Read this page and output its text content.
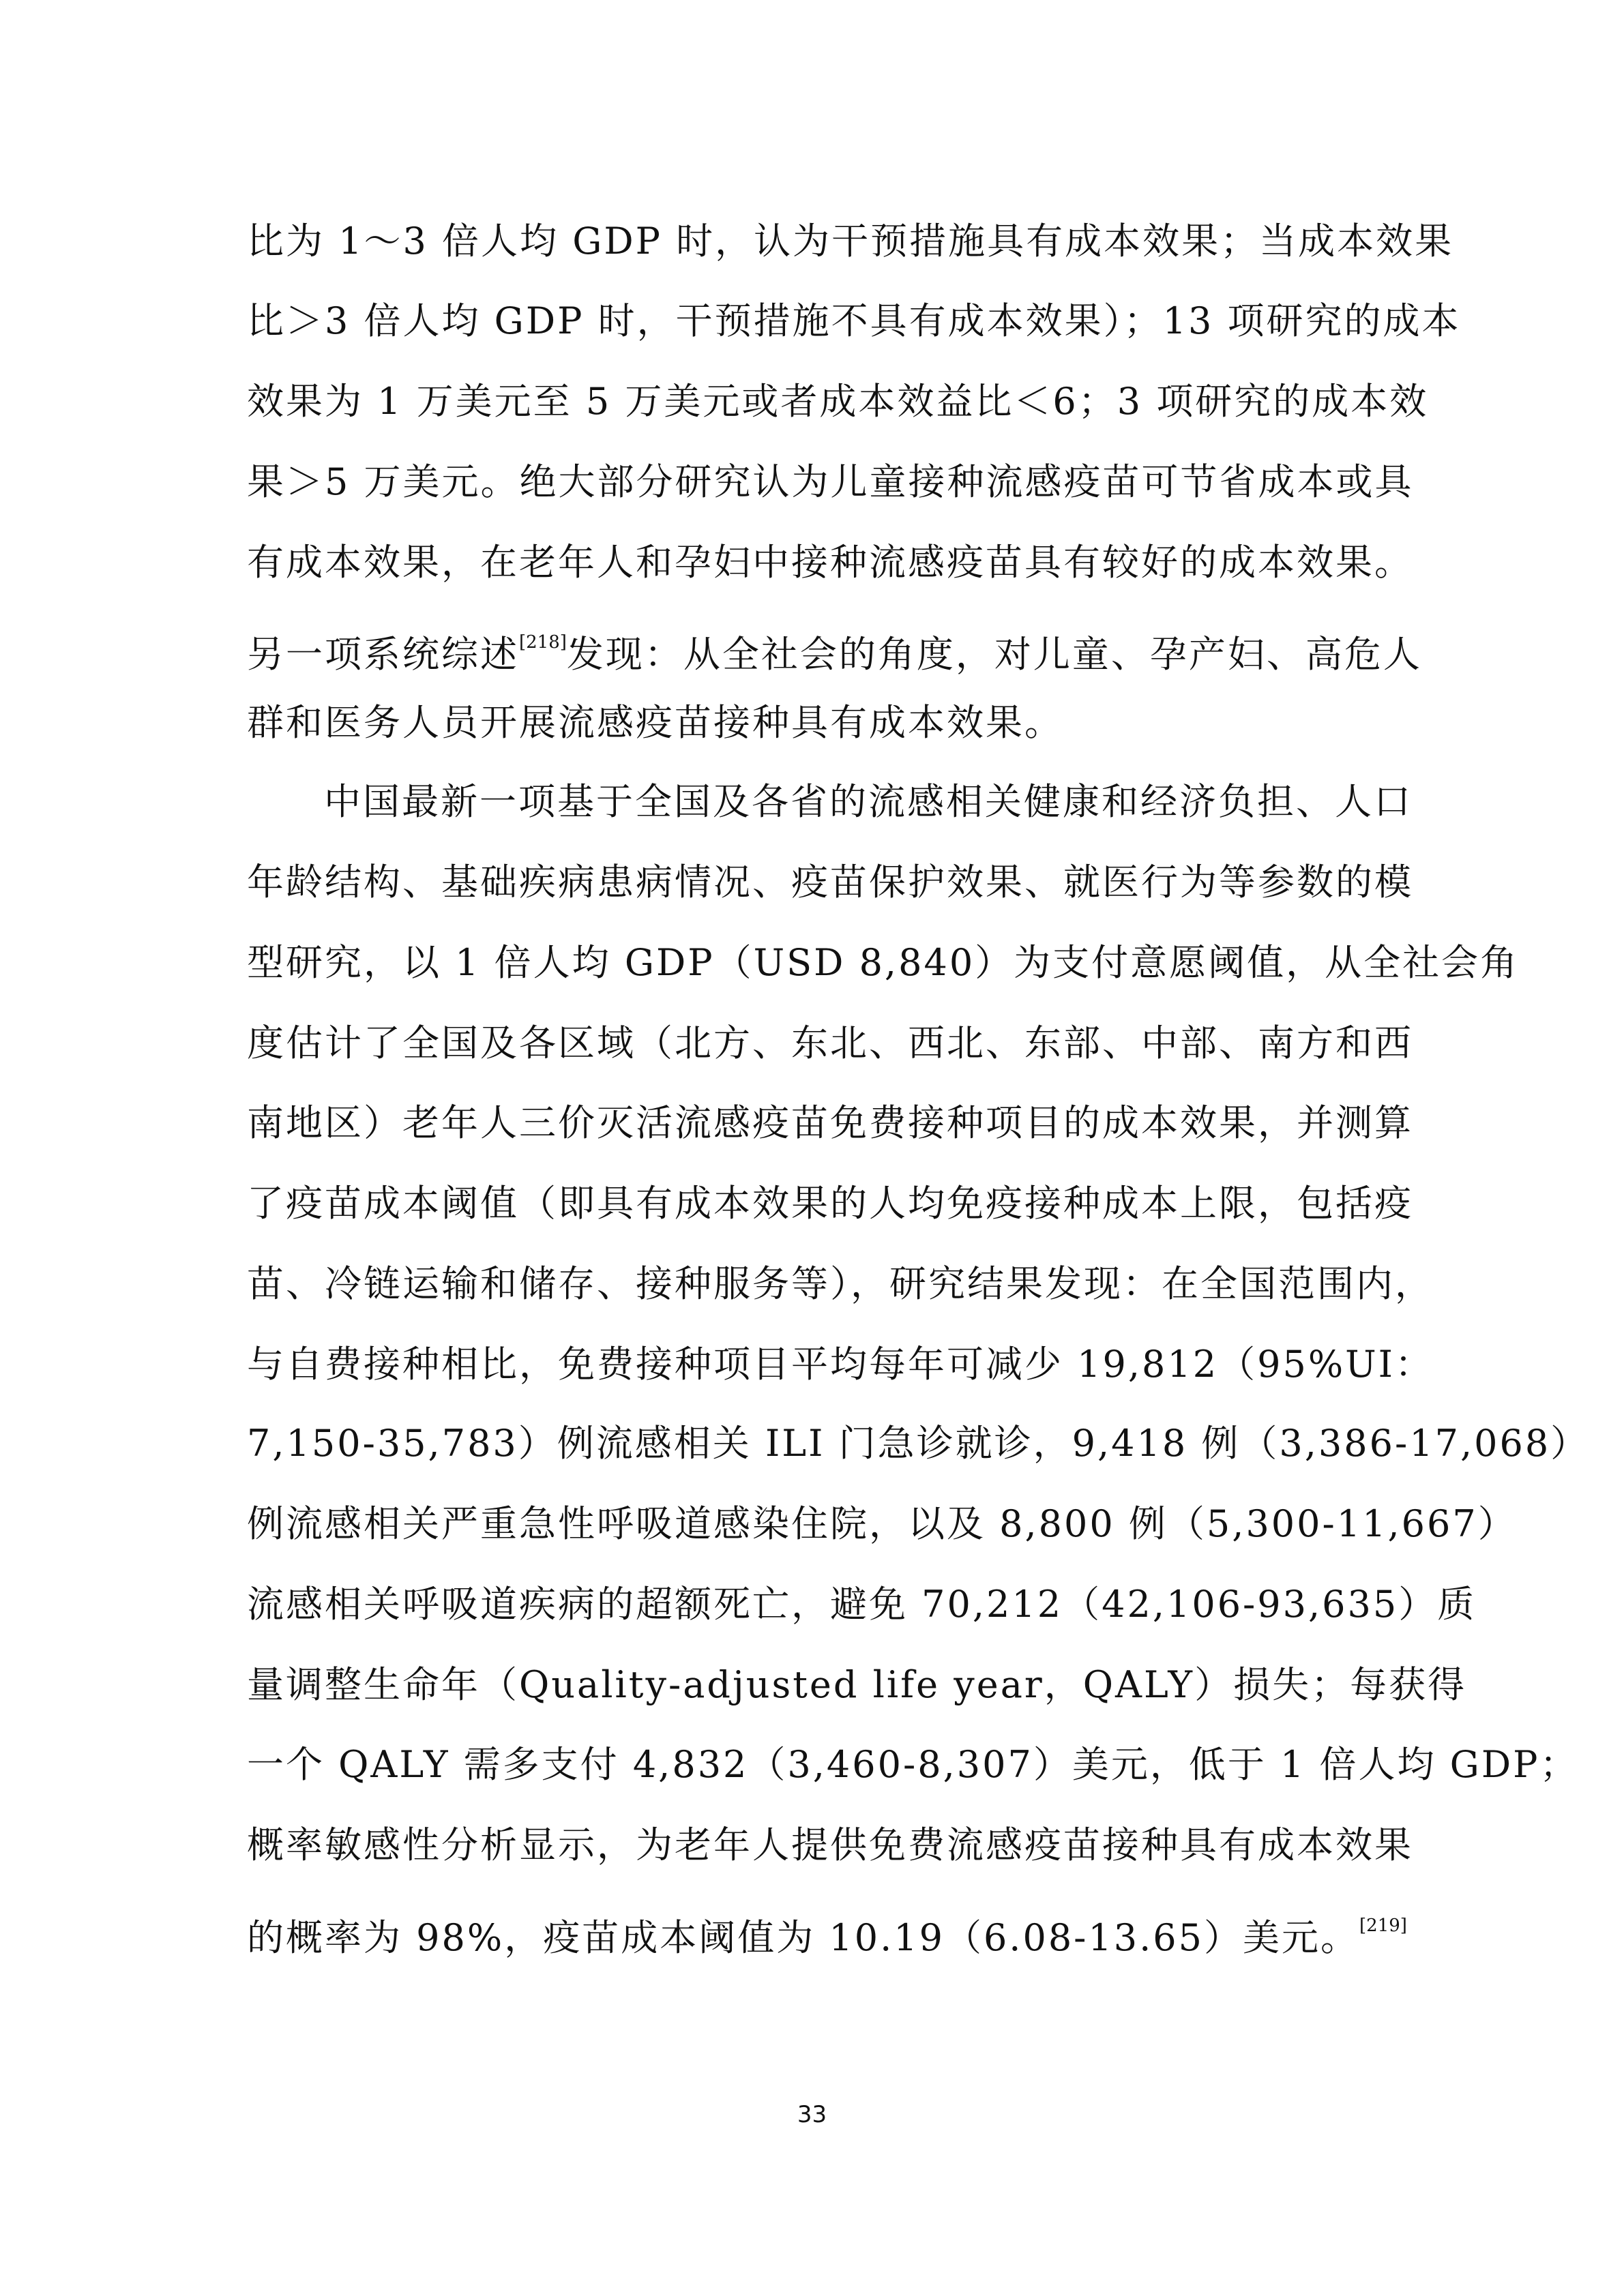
比为 1～3 倍人均 GDP 时，认为干预措施具有成本效果；当成本效果
比＞3 倍人均 GDP 时，干预措施不具有成本效果）；13 项研究的成本
效果为 1 万美元至 5 万美元或者成本效益比＜6；3 项研究的成本效
果＞5 万美元。绝大部分研究认为儿童接种流感疫苗可节省成本或具
有成本效果，在老年人和孕妇中接种流感疫苗具有较好的成本效果。
另一项系统综述[218]发现：从全社会的角度，对儿童、孕产妇、高危人
群和医务人员开展流感疫苗接种具有成本效果。
中国最新一项基于全国及各省的流感相关健康和经济负担、人口
年龄结构、基础疾病患病情况、疫苗保护效果、就医行为等参数的模
型研究，以 1 倍人均 GDP（USD 8,840）为支付意愿阈值，从全社会角
度估计了全国及各区域（北方、东北、西北、东部、中部、南方和西
南地区）老年人三价灭活流感疫苗免费接种项目的成本效果，并测算
了疫苗成本阈值（即具有成本效果的人均免疫接种成本上限，包括疫
苗、冷链运输和储存、接种服务等），研究结果发现：在全国范围内，
与自费接种相比，免费接种项目平均每年可减少 19,812（95%UI：
7,150-35,783）例流感相关 ILI 门急诊就诊，9,418 例（3,386-17,068）
例流感相关严重急性呼吸道感染住院，以及 8,800 例（5,300-11,667）
流感相关呼吸道疾病的超额死亡，避免 70,212（42,106-93,635）质
量调整生命年（Quality-adjusted life year，QALY）损失；每获得
一个 QALY 需多支付 4,832（3,460-8,307）美元，低于 1 倍人均 GDP；
概率敏感性分析显示，为老年人提供免费流感疫苗接种具有成本效果
的概率为 98%，疫苗成本阈值为 10.19（6.08-13.65）美元。[219]
33
